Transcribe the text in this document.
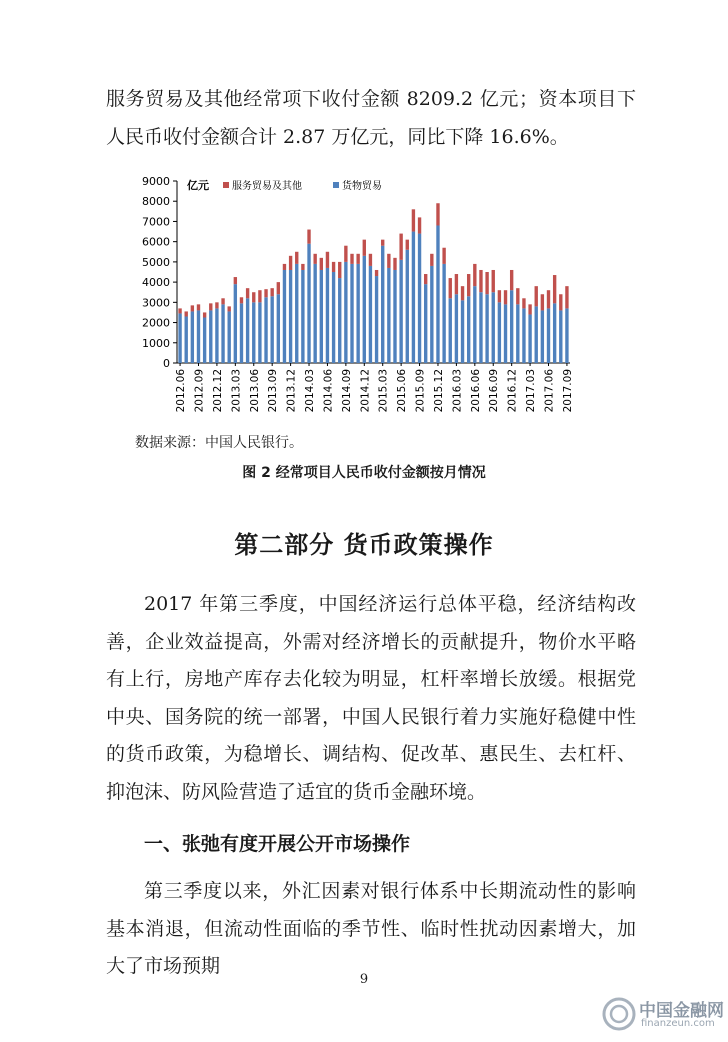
服务贸易及其他经常项下收付金额 8209.2 亿元；资本项目下人民币收付金额合计 2.87 万亿元，同比下降 16.6%。

0
1000
2000
3000
4000
5000
6000
7000
8000
9000
2012.06 2012.09 2012.12 2013.03 2013.06 2013.09 2013.12 2014.03 2014.06 2014.09 2014.12 2015.03 2015.06 2015.09 2015.12 2016.03 2016.06 2016.09 2016.12 2017.03 2017.06 2017.09
亿元 服务贸易及其他	货物贸易

数据来源：中国人民银行。

图 2 经常项目人民币收付金额按月情况

第二部分 货币政策操作

2017 年第三季度，中国经济运行总体平稳，经济结构改善，企业效益提高，外需对经济增长的贡献提升，物价水平略有上行，房地产库存去化较为明显，杠杆率增长放缓。根据党中央、国务院的统一部署，中国人民银行着力实施好稳健中性的货币政策，为稳增长、调结构、促改革、惠民生、去杠杆、抑泡沫、防风险营造了适宜的货币金融环境。

一、张弛有度开展公开市场操作

第三季度以来，外汇因素对银行体系中长期流动性的影响基本消退，但流动性面临的季节性、临时性扰动因素增大，加大了市场预期

9

中国金融网
finanzeun.com
